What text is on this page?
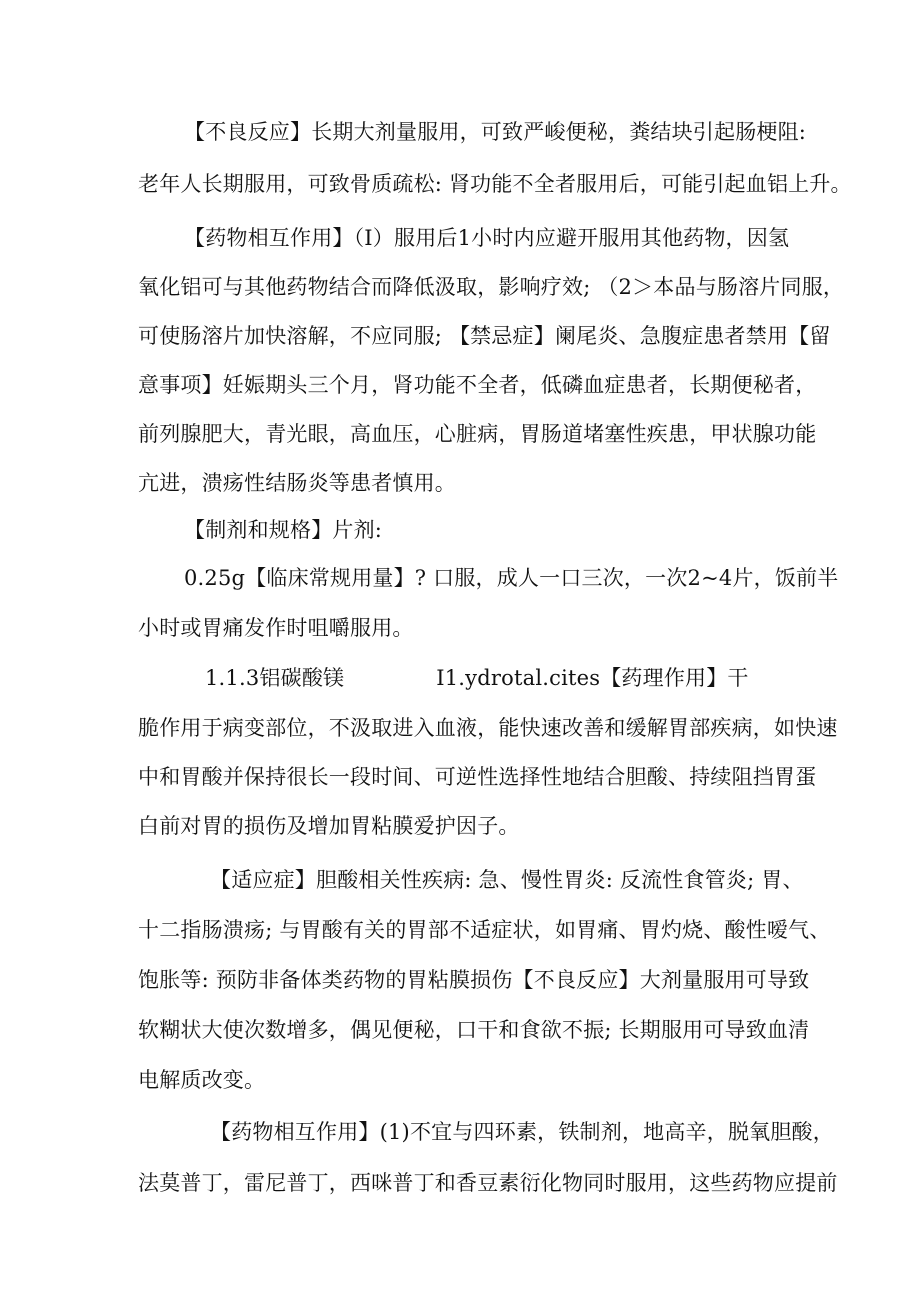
【不良反应】长期大剂量服用，可致严峻便秘，粪结块引起肠梗阻:
老年人长期服用，可致骨质疏松: 肾功能不全者服用后，可能引起血铝上升。
【药物相互作用】（I）服用后1小时内应避开服用其他药物，因氢
氧化铝可与其他药物结合而降低汲取，影响疗效; （2＞本品与肠溶片同服，
可使肠溶片加快溶解，不应同服; 【禁忌症】阑尾炎、急腹症患者禁用【留
意事项】妊娠期头三个月，肾功能不全者，低磷血症患者，长期便秘者，
前列腺肥大，青光眼，高血压，心脏病，胃肠道堵塞性疾患，甲状腺功能
亢进，溃疡性结肠炎等患者慎用。
【制剂和规格】片剂:
0.25g【临床常规用量】? 口服，成人一口三次，一次2~4片，饭前半
小时或胃痛发作时咀嚼服用。
1.1.3铝碳酸镁	I1.ydrotal.cites【药理作用】干
脆作用于病变部位，不汲取进入血液，能快速改善和缓解胃部疾病，如快速
中和胃酸并保持很长一段时间、可逆性选择性地结合胆酸、持续阻挡胃蛋
白前对胃的损伤及增加胃粘膜爱护因子。
【适应症】胆酸相关性疾病: 急、慢性胃炎: 反流性食管炎; 胃、
十二指肠溃疡; 与胃酸有关的胃部不适症状，如胃痛、胃灼烧、酸性嗳气、
饱胀等: 预防非备体类药物的胃粘膜损伤【不良反应】大剂量服用可导致
软糊状大使次数增多，偶见便秘，口干和食欲不振; 长期服用可导致血清
电解质改变。
【药物相互作用】(1)不宜与四环素，铁制剂，地高辛，脱氧胆酸，
法莫普丁，雷尼普丁，西咪普丁和香豆素衍化物同时服用，这些药物应提前
